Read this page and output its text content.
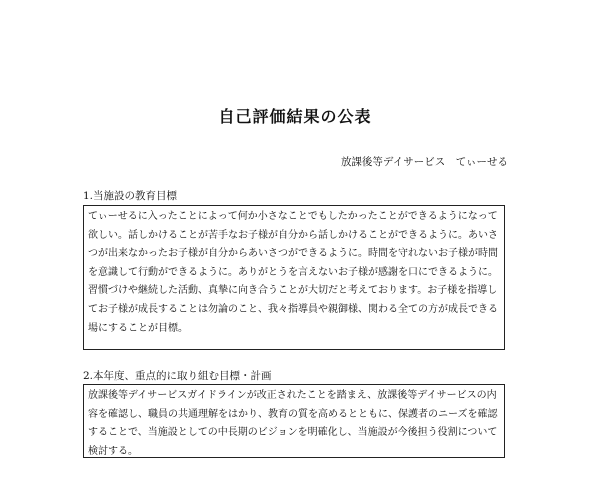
自己評価結果の公表
放課後等デイサービス　てぃーせる
1.当施設の教育目標

てぃーせるに入ったことによって何か小さなことでもしたかったことができるようになって欲しい。話しかけることが苦手なお子様が自分から話しかけることができるように。あいさつが出来なかったお子様が自分からあいさつができるように。時間を守れないお子様が時間を意識して行動ができるように。ありがとうを言えないお子様が感謝を口にできるように。

習慣づけや継続した活動、真摯に向き合うことが大切だと考えております。お子様を指導してお子様が成長することは勿論のこと、我々指導員や親御様、関わる全ての方が成長できる場にすることが目標。

2.本年度、重点的に取り組む目標・計画

放課後等デイサービスガイドラインが改正されたことを踏まえ、放課後等デイサービスの内容を確認し、職員の共通理解をはかり、教育の質を高めるとともに、保護者のニーズを確認することで、当施設としての中長期のビジョンを明確化し、当施設が今後担う役割について検討する。
